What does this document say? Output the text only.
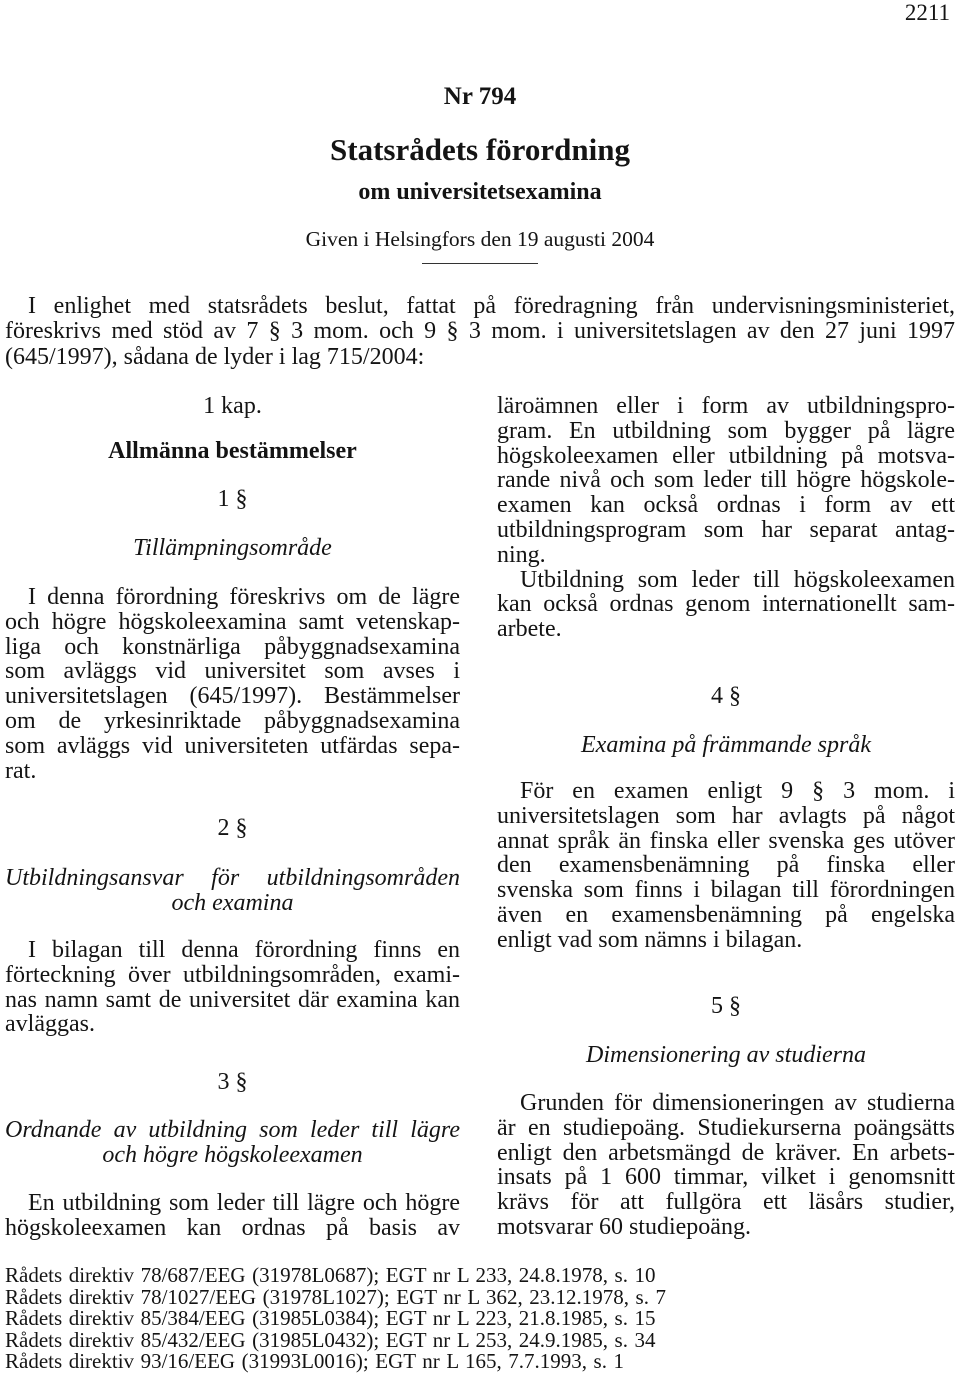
2211
Nr 794
Statsrådets förordning
om universitetsexamina
Given i Helsingfors den 19 augusti 2004
I enlighet med statsrådets beslut, fattat på föredragning från undervisningsministeriet,
föreskrivs med stöd av 7 § 3 mom. och 9 § 3 mom. i universitetslagen av den 27 juni 1997
(645/1997), sådana de lyder i lag 715/2004:
1 kap.
Allmänna bestämmelser
1 §
Tillämpningsområde
I denna förordning föreskrivs om de lägre
och högre högskoleexamina samt vetenskap-
liga och konstnärliga påbyggnadsexamina
som avläggs vid universitet som avses i
universitetslagen (645/1997). Bestämmelser
om de yrkesinriktade påbyggnadsexamina
som avläggs vid universiteten utfärdas sepa-
rat.
2 §
Utbildningsansvar för utbildningsområden
och examina
I bilagan till denna förordning finns en
förteckning över utbildningsområden, exami-
nas namn samt de universitet där examina kan
avläggas.
3 §
Ordnande av utbildning som leder till lägre
och högre högskoleexamen
En utbildning som leder till lägre och högre
högskoleexamen kan ordnas på basis av
läroämnen eller i form av utbildningspro-
gram. En utbildning som bygger på lägre
högskoleexamen eller utbildning på motsva-
rande nivå och som leder till högre högskole-
examen kan också ordnas i form av ett
utbildningsprogram som har separat antag-
ning.
Utbildning som leder till högskoleexamen
kan också ordnas genom internationellt sam-
arbete.
4 §
Examina på främmande språk
För en examen enligt 9 § 3 mom. i
universitetslagen som har avlagts på något
annat språk än finska eller svenska ges utöver
den examensbenämning på finska eller
svenska som finns i bilagan till förordningen
även en examensbenämning på engelska
enligt vad som nämns i bilagan.
5 §
Dimensionering av studierna
Grunden för dimensioneringen av studierna
är en studiepoäng. Studiekurserna poängsätts
enligt den arbetsmängd de kräver. En arbets-
insats på 1 600 timmar, vilket i genomsnitt
krävs för att fullgöra ett läsårs studier,
motsvarar 60 studiepoäng.
Rådets direktiv 78/687/EEG (31978L0687); EGT nr L 233, 24.8.1978, s. 10
Rådets direktiv 78/1027/EEG (31978L1027); EGT nr L 362, 23.12.1978, s. 7
Rådets direktiv 85/384/EEG (31985L0384); EGT nr L 223, 21.8.1985, s. 15
Rådets direktiv 85/432/EEG (31985L0432); EGT nr L 253, 24.9.1985, s. 34
Rådets direktiv 93/16/EEG (31993L0016); EGT nr L 165, 7.7.1993, s. 1
